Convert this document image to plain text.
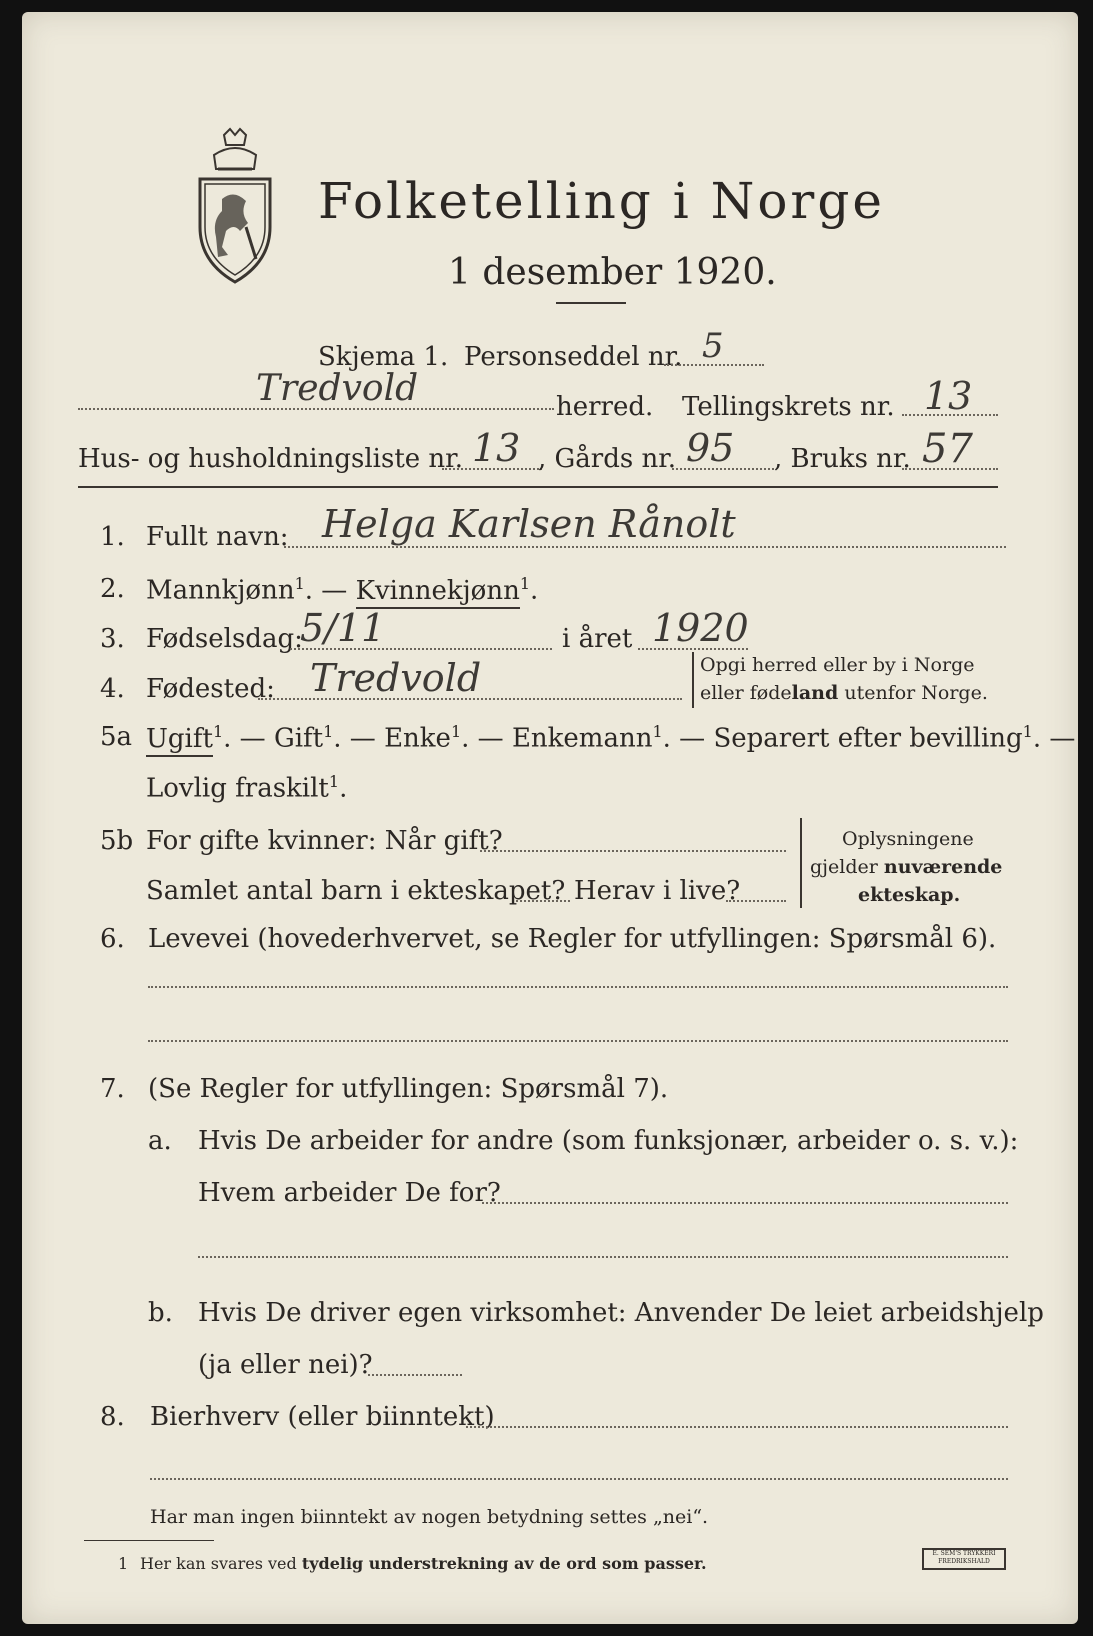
Folketelling i Norge
1 desember 1920.
Skjema 1. Personseddel nr. 5
Tredvold	herred. Tellingskrets nr. 13
Hus- og husholdningsliste nr. 13 , Gårds nr. 95 , Bruks nr. 57
1. Fullt navn: Helga Karlsen Rånolt
2. Mannkjønn$^1$. — Kvinnekjønn$^1$.
3. Fødselsdag:
5/11	i året 1920
4. Fødested: Tredvold	Opgi herred eller by i Norge
eller fødeland utenfor Norge.
5a Ugift$^1$. — Gift$^1$. — Enke$^1$. — Enkemann$^1$. — Separert efter bevilling$^1$. —
Lovlig fraskilt$^1$.
5b For gifte kvinner: Når gift?
Samlet antal barn i ekteskapet? Herav i live?
Oplysningene
gjelder nuværende
ekteskap.
6. Levevei (hovederhvervet, se Regler for utfyllingen: Spørsmål 6).
7. (Se Regler for utfyllingen: Spørsmål 7).
a. Hvis De arbeider for andre (som funksjonær, arbeider o. s. v.):
Hvem arbeider De for?
b. Hvis De driver egen virksomhet: Anvender De leiet arbeidshjelp
(ja eller nei)?
8. Bierhverv (eller biinntekt)
Har man ingen biinntekt av nogen betydning settes „nei“.
1 Her kan svares ved tydelig understrekning av de ord som passer.
E. SEM'S TRYKKERI FREDRIKSHALD
